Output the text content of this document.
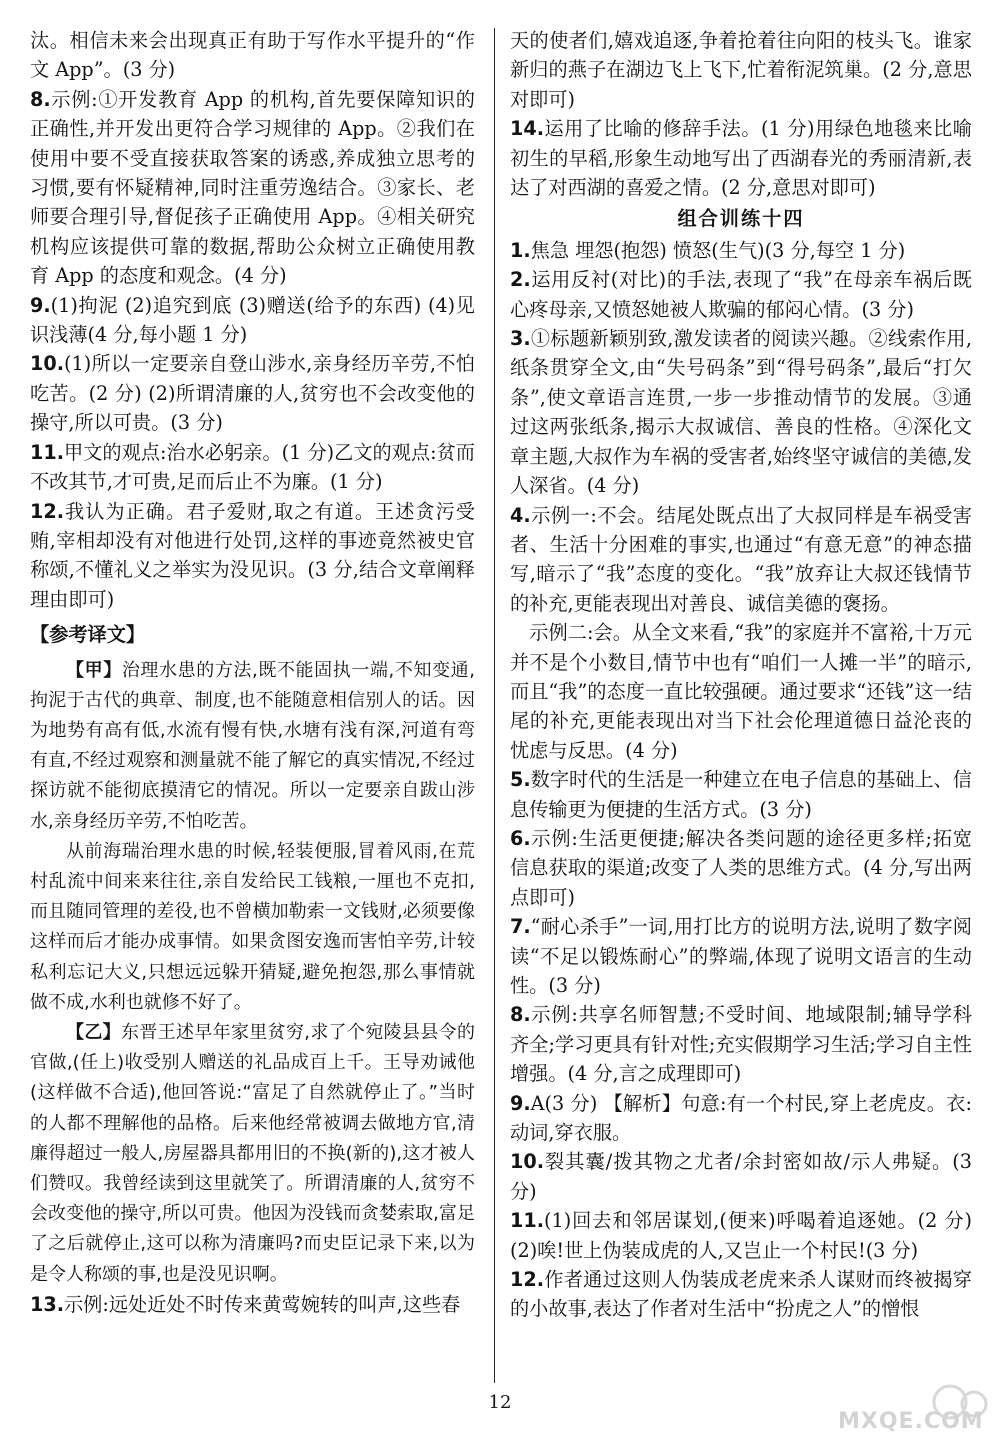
汰。相信未来会出现真正有助于写作水平提升的“作文 App”。(3 分)

8.示例:①开发教育 App 的机构,首先要保障知识的正确性,并开发出更符合学习规律的 App。②我们在使用中要不受直接获取答案的诱惑,养成独立思考的习惯,要有怀疑精神,同时注重劳逸结合。③家长、老师要合理引导,督促孩子正确使用 App。④相关研究机构应该提供可靠的数据,帮助公众树立正确使用教育 App 的态度和观念。(4 分)

9.(1)拘泥 (2)追究到底 (3)赠送(给予的东西) (4)见识浅薄(4 分,每小题 1 分)

10.(1)所以一定要亲自登山涉水,亲身经历辛劳,不怕吃苦。(2 分) (2)所谓清廉的人,贫穷也不会改变他的操守,所以可贵。(3 分)

11.甲文的观点:治水必躬亲。(1 分)乙文的观点:贫而不改其节,才可贵,足而后止不为廉。(1 分)

12.我认为正确。君子爱财,取之有道。王述贪污受贿,宰相却没有对他进行处罚,这样的事迹竟然被史官称颂,不懂礼义之举实为没见识。(3 分,结合文章阐释理由即可)

【参考译文】

【甲】治理水患的方法,既不能固执一端,不知变通,拘泥于古代的典章、制度,也不能随意相信别人的话。因为地势有高有低,水流有慢有快,水塘有浅有深,河道有弯有直,不经过观察和测量就不能了解它的真实情况,不经过探访就不能彻底摸清它的情况。所以一定要亲自跋山涉水,亲身经历辛劳,不怕吃苦。

从前海瑞治理水患的时候,轻装便服,冒着风雨,在荒村乱流中间来来往往,亲自发给民工钱粮,一厘也不克扣,而且随同管理的差役,也不曾横加勒索一文钱财,必须要像这样而后才能办成事情。如果贪图安逸而害怕辛劳,计较私利忘记大义,只想远远躲开猜疑,避免抱怨,那么事情就做不成,水利也就修不好了。

【乙】东晋王述早年家里贫穷,求了个宛陵县县令的官做,(任上)收受别人赠送的礼品成百上千。王导劝诫他(这样做不合适),他回答说:“富足了自然就停止了。”当时的人都不理解他的品格。后来他经常被调去做地方官,清廉得超过一般人,房屋器具都用旧的不换(新的),这才被人们赞叹。我曾经读到这里就笑了。所谓清廉的人,贫穷不会改变他的操守,所以可贵。他因为没钱而贪婪索取,富足了之后就停止,这可以称为清廉吗?而史臣记录下来,以为是令人称颂的事,也是没见识啊。

13.示例:远处近处不时传来黄莺婉转的叫声,这些春

天的使者们,嬉戏追逐,争着抢着往向阳的枝头飞。谁家新归的燕子在湖边飞上飞下,忙着衔泥筑巢。(2 分,意思对即可)

14.运用了比喻的修辞手法。(1 分)用绿色地毯来比喻初生的早稻,形象生动地写出了西湖春光的秀丽清新,表达了对西湖的喜爱之情。(2 分,意思对即可)

组合训练十四

1.焦急 埋怨(抱怨) 愤怒(生气)(3 分,每空 1 分)

2.运用反衬(对比)的手法,表现了“我”在母亲车祸后既心疼母亲,又愤怒她被人欺骗的郁闷心情。(3 分)

3.①标题新颖别致,激发读者的阅读兴趣。②线索作用,纸条贯穿全文,由“失号码条”到“得号码条”,最后“打欠条”,使文章语言连贯,一步一步推动情节的发展。③通过这两张纸条,揭示大叔诚信、善良的性格。④深化文章主题,大叔作为车祸的受害者,始终坚守诚信的美德,发人深省。(4 分)

4.示例一:不会。结尾处既点出了大叔同样是车祸受害者、生活十分困难的事实,也通过“有意无意”的神态描写,暗示了“我”态度的变化。“我”放弃让大叔还钱情节的补充,更能表现出对善良、诚信美德的褒扬。

示例二:会。从全文来看,“我”的家庭并不富裕,十万元并不是个小数目,情节中也有“咱们一人摊一半”的暗示,而且“我”的态度一直比较强硬。通过要求“还钱”这一结尾的补充,更能表现出对当下社会伦理道德日益沦丧的忧虑与反思。(4 分)

5.数字时代的生活是一种建立在电子信息的基础上、信息传输更为便捷的生活方式。(3 分)

6.示例:生活更便捷;解决各类问题的途径更多样;拓宽信息获取的渠道;改变了人类的思维方式。(4 分,写出两点即可)

7.“耐心杀手”一词,用打比方的说明方法,说明了数字阅读“不足以锻炼耐心”的弊端,体现了说明文语言的生动性。(3 分)

8.示例:共享名师智慧;不受时间、地域限制;辅导学科齐全;学习更具有针对性;充实假期学习生活;学习自主性增强。(4 分,言之成理即可)

9.A(3 分) 【解析】句意:有一个村民,穿上老虎皮。衣:动词,穿衣服。

10.裂其囊/拨其物之尤者/余封密如故/示人弗疑。(3 分)

11.(1)回去和邻居谋划,(便来)呼喝着追逐她。(2 分) (2)唉!世上伪装成虎的人,又岂止一个村民!(3 分)

12.作者通过这则人伪装成老虎来杀人谋财而终被揭穿的小故事,表达了作者对生活中“扮虎之人”的憎恨

12
MXQE.COM
